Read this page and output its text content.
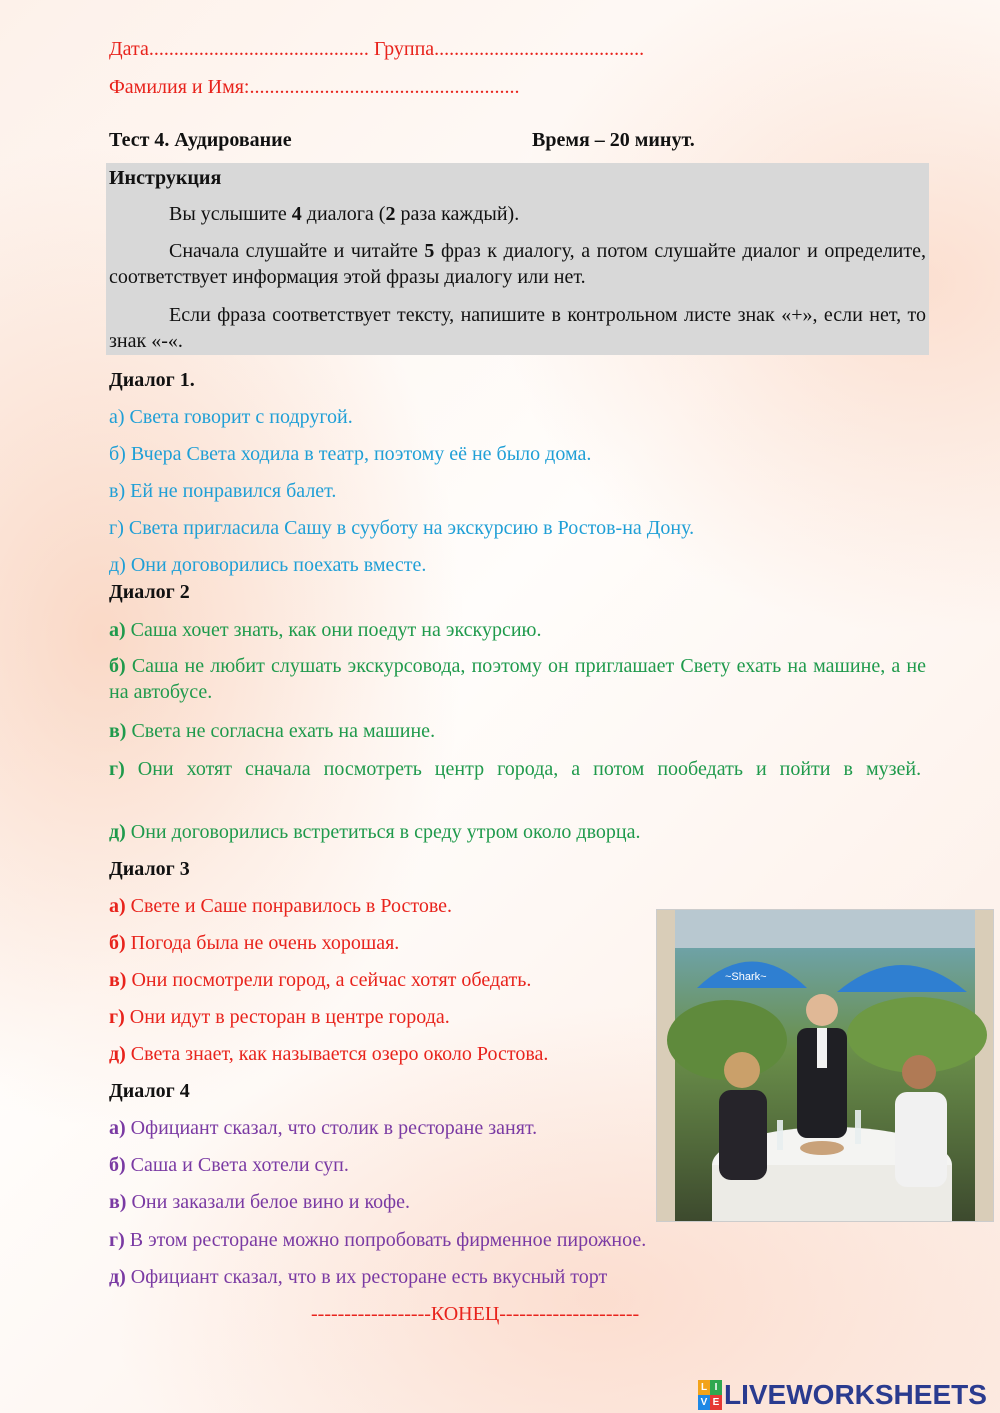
Дата............................................ Группа..........................................

Фамилия и Имя:......................................................

Тест 4. Аудирование	Время – 20 минут.

Инструкция

Вы услышите 4 диалога (2 раза каждый).

Сначала слушайте и читайте 5 фраз к диалогу, а потом слушайте диалог и определите, соответствует информация этой фразы диалогу или нет.

Если фраза соответствует тексту, напишите в контрольном листе знак «+», если нет, то знак «-«.

Диалог 1.

а) Света говорит с подругой.

б) Вчера Света ходила в театр, поэтому её не было дома.

в) Ей не понравился балет.

г) Света пригласила Сашу в сууботу на экскурсию в Ростов-на Дону.

д) Они договорились поехать вместе.

Диалог 2

а) Саша хочет знать, как они поедут на экскурсию.

б) Саша не любит слушать экскурсовода, поэтому он приглашает Свету ехать на машине, а не на автобусе.

в) Света не согласна ехать на машине.

г) Они хотят сначала посмотреть центр города, а потом пообедать и пойти в музей.

д) Они договорились встретиться в среду утром около дворца.

Диалог 3

а) Свете и Саше понравилось в Ростове.

б) Погода была не очень хорошая.

в) Они посмотрели город, а сейчас хотят обедать.

г) Они идут в ресторан в центре города.

д) Света знает, как называется озеро около Ростова.

Диалог 4

а) Официант сказал, что столик в ресторане занят.

б) Саша и Света хотели суп.

в) Они заказали белое вино и кофе.

г) В этом ресторане можно попробовать фирменное пирожное.

д) Официант сказал, что в их ресторане есть вкусный торт

------------------КОНЕЦ---------------------

~Shark~
L I
V E LIVEWORKSHEETS
